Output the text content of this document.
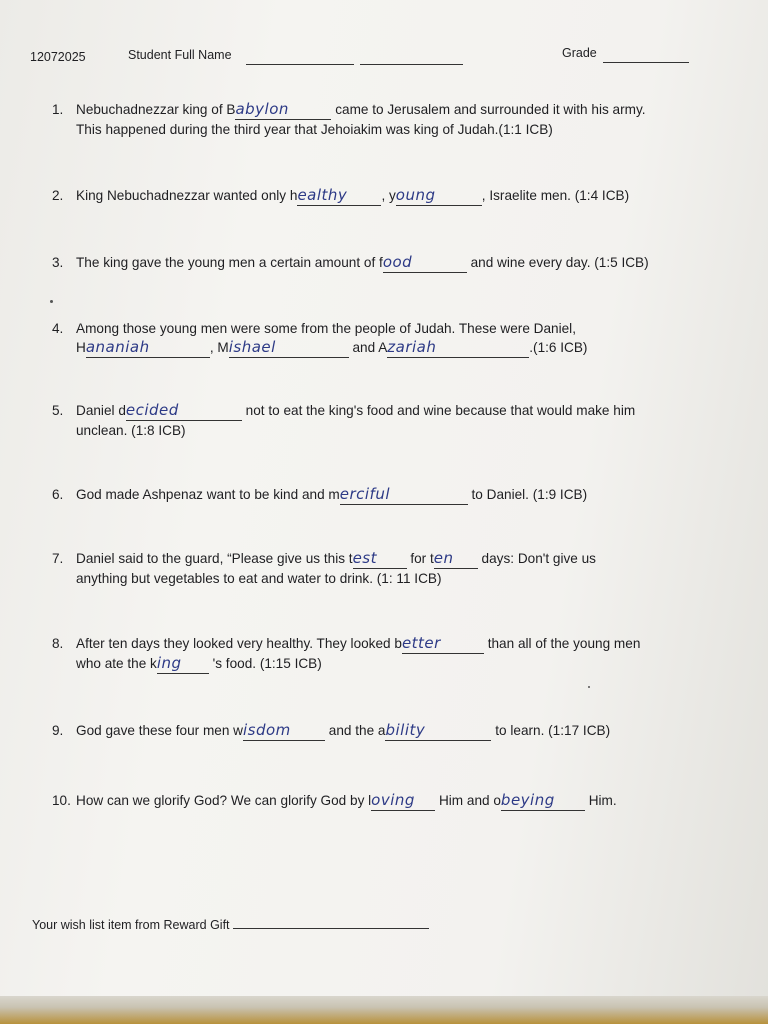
12072025	Student Full Name	Grade
1. Nebuchadnezzar king of Babylon	came to Jerusalem and surrounded it with his army.
This happened during the third year that Jehoiakim was king of Judah.(1:1 ICB)
2. King Nebuchadnezzar wanted only healthy	, young	, Israelite men. (1:4 ICB)
3. The king gave the young men a certain amount of food	and wine every day. (1:5 ICB)
4. Among those young men were some from the people of Judah. These were Daniel,
Hananiah	, Mishael	and Azariah	.(1:6 ICB)
5. Daniel decided	not to eat the king's food and wine because that would make him
unclean. (1:8 ICB)
6. God made Ashpenaz want to be kind and merciful	to Daniel. (1:9 ICB)
7. Daniel said to the guard, “Please give us this test for ten days: Don't give us
anything but vegetables to eat and water to drink. (1: 11 ICB)
8. After ten days they looked very healthy. They looked better	than all of the young men
who ate the king 's food. (1:15 ICB)
9. God gave these four men wisdom	and the ability	to learn. (1:17 ICB)
10. How can we glorify God? We can glorify God by loving Him and obeying Him.
Your wish list item from Reward Gift
